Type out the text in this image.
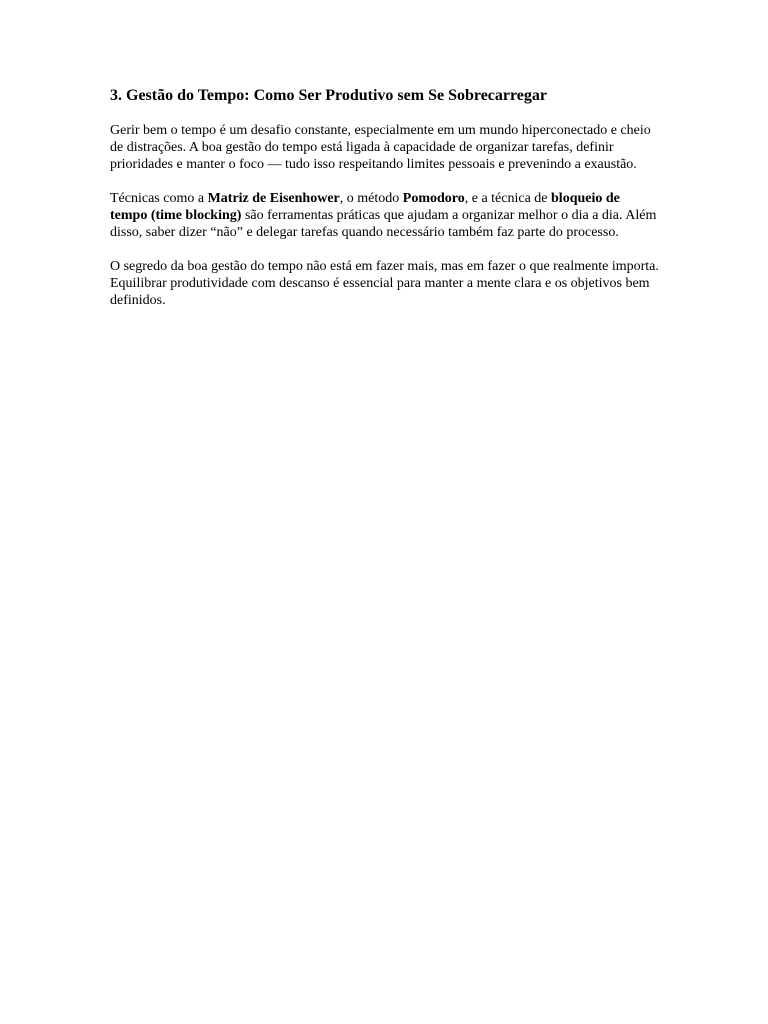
3. Gestão do Tempo: Como Ser Produtivo sem Se Sobrecarregar

Gerir bem o tempo é um desafio constante, especialmente em um mundo hiperconectado e cheio de distrações. A boa gestão do tempo está ligada à capacidade de organizar tarefas, definir prioridades e manter o foco — tudo isso respeitando limites pessoais e prevenindo a exaustão.

Técnicas como a Matriz de Eisenhower, o método Pomodoro, e a técnica de bloqueio de tempo (time blocking) são ferramentas práticas que ajudam a organizar melhor o dia a dia. Além disso, saber dizer “não” e delegar tarefas quando necessário também faz parte do processo.

O segredo da boa gestão do tempo não está em fazer mais, mas em fazer o que realmente importa. Equilibrar produtividade com descanso é essencial para manter a mente clara e os objetivos bem definidos.
